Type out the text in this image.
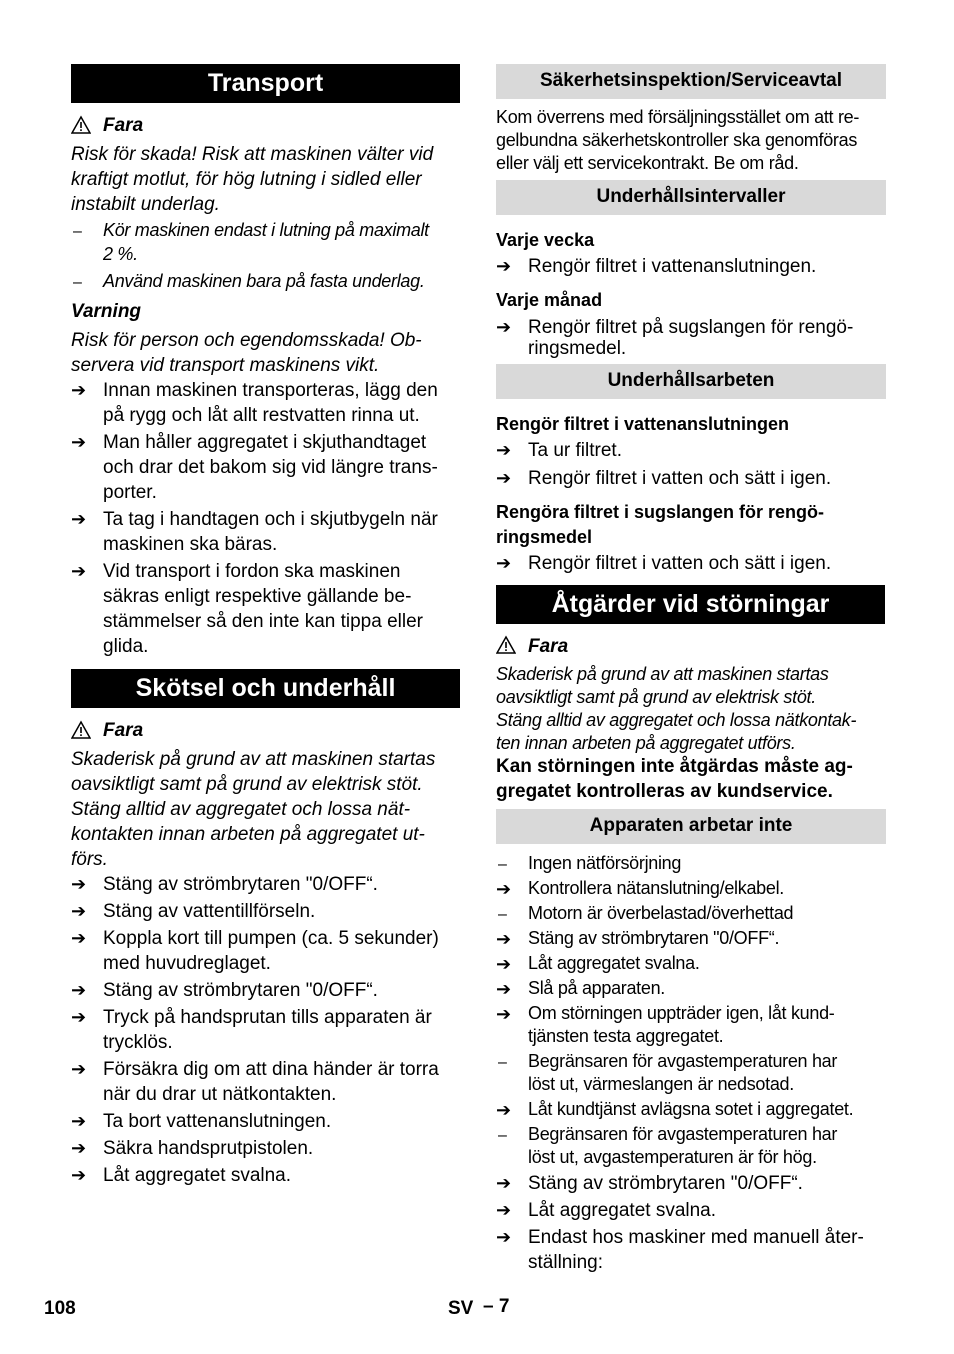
Transport
Fara
Risk för skada! Risk att maskinen välter vid
kraftigt motlut, för hög lutning i sidled eller
instabilt underlag.
– Kör maskinen endast i lutning på maximalt
2 %.
– Använd maskinen bara på fasta underlag.
Varning
Risk för person och egendomsskada! Ob-
servera vid transport maskinens vikt.
➔ Innan maskinen transporteras, lägg den
på rygg och låt allt restvatten rinna ut.
➔ Man håller aggregatet i skjuthandtaget
och drar det bakom sig vid längre trans-
porter.
➔ Ta tag i handtagen och i skjutbygeln när
maskinen ska bäras.
➔ Vid transport i fordon ska maskinen
säkras enligt respektive gällande be-
stämmelser så den inte kan tippa eller
glida.
Skötsel och underhåll
Fara
Skaderisk på grund av att maskinen startas
oavsiktligt samt på grund av elektrisk stöt.
Stäng alltid av aggregatet och lossa nät-
kontakten innan arbeten på aggregatet ut-
förs.
➔ Stäng av strömbrytaren "0/OFF“.
➔ Stäng av vattentillförseln.
➔ Koppla kort till pumpen (ca. 5 sekunder)
med huvudreglaget.
➔ Stäng av strömbrytaren "0/OFF“.
➔ Tryck på handsprutan tills apparaten är
trycklös.
➔ Försäkra dig om att dina händer är torra
när du drar ut nätkontakten.
➔ Ta bort vattenanslutningen.
➔ Säkra handsprutpistolen.
➔ Låt aggregatet svalna.
Säkerhetsinspektion/Serviceavtal
Kom överrens med försäljningsstället om att re-
gelbundna säkerhetskontroller ska genomföras
eller välj ett servicekontrakt. Be om råd.
Underhållsintervaller
Varje vecka
➔ Rengör filtret i vattenanslutningen.
Varje månad
➔ Rengör filtret på sugslangen för rengö-
ringsmedel.
Underhållsarbeten
Rengör filtret i vattenanslutningen
➔ Ta ur filtret.
➔ Rengör filtret i vatten och sätt i igen.
Rengöra filtret i sugslangen för rengö-
ringsmedel
➔ Rengör filtret i vatten och sätt i igen.
Åtgärder vid störningar
Fara
Skaderisk på grund av att maskinen startas
oavsiktligt samt på grund av elektrisk stöt.
Stäng alltid av aggregatet och lossa nätkontak-
ten innan arbeten på aggregatet utförs.
Kan störningen inte åtgärdas måste ag-
gregatet kontrolleras av kundservice.
Apparaten arbetar inte
– Ingen nätförsörjning
➔ Kontrollera nätanslutning/elkabel.
– Motorn är överbelastad/överhettad
➔ Stäng av strömbrytaren "0/OFF“.
➔ Låt aggregatet svalna.
➔ Slå på apparaten.
➔ Om störningen uppträder igen, låt kund-
tjänsten testa aggregatet.
– Begränsaren för avgastemperaturen har
löst ut, värmeslangen är nedsotad.
➔ Låt kundtjänst avlägsna sotet i aggregatet.
– Begränsaren för avgastemperaturen har
löst ut, avgastemperaturen är för hög.
➔ Stäng av strömbrytaren "0/OFF“.
➔ Låt aggregatet svalna.
➔ Endast hos maskiner med manuell åter-
ställning:
108	SV – 7
